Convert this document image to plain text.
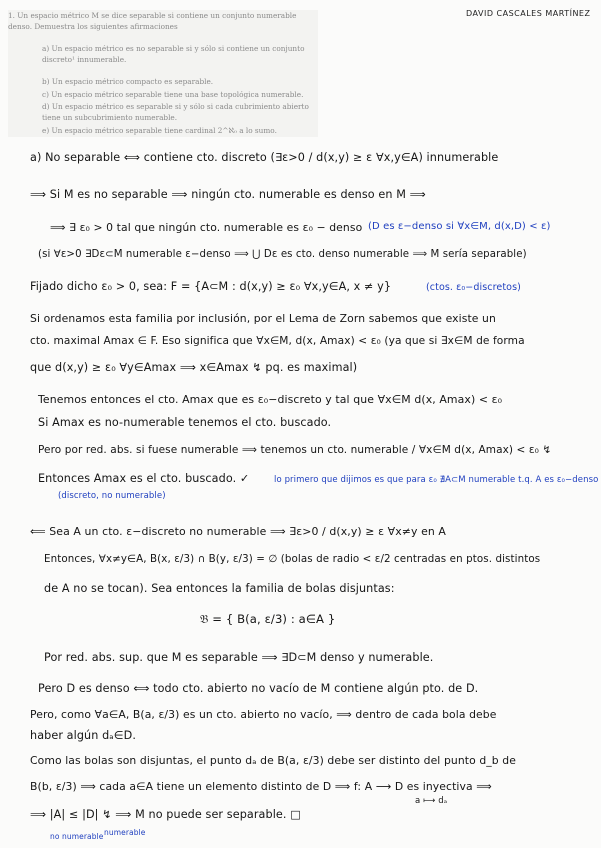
1. Un espacio métrico M se dice separable si contiene un conjunto numerable denso. Demuestra los siguientes afirmaciones
a) Un espacio métrico es no separable si y sólo si contiene un conjunto discreto¹ innumerable.
b) Un espacio métrico compacto es separable.
c) Un espacio métrico separable tiene una base topológica numerable.
d) Un espacio métrico es separable si y sólo si cada cubrimiento abierto tiene un subcubrimiento numerable.
e) Un espacio métrico separable tiene cardinal 2^ℵ₀ a lo sumo.
DAVID CASCALES MARTÍNEZ
a) No separable ⟺ contiene cto. discreto (∃ε>0 / d(x,y) ≥ ε ∀x,y∈A) innumerable
⟹ Si M es no separable ⟹ ningún cto. numerable es denso en M ⟹
⟹ ∃ ε₀ > 0 tal que ningún cto. numerable es ε₀ − denso (D es ε−denso si ∀x∈M, d(x,D) < ε)
(si ∀ε>0 ∃Dε⊂M numerable ε−denso ⟹ ⋃ Dε es cto. denso numerable ⟹ M sería separable)
Fijado dicho ε₀ > 0, sea: F = {A⊂M : d(x,y) ≥ ε₀ ∀x,y∈A, x ≠ y}	(ctos. ε₀−discretos)
Si ordenamos esta familia por inclusión, por el Lema de Zorn sabemos que existe un
cto. maximal Amax ∈ F. Eso significa que ∀x∈M, d(x, Amax) < ε₀ (ya que si ∃x∈M de forma
que d(x,y) ≥ ε₀ ∀y∈Amax ⟹ x∈Amax ↯ pq. es maximal)
Tenemos entonces el cto. Amax que es ε₀−discreto y tal que ∀x∈M d(x, Amax) < ε₀
Si Amax es no-numerable tenemos el cto. buscado.
Pero por red. abs. si fuese numerable ⟹ tenemos un cto. numerable / ∀x∈M d(x, Amax) < ε₀ ↯
Entonces Amax es el cto. buscado. ✓	lo primero que dijimos es que para ε₀ ∄A⊂M numerable t.q. A es ε₀−denso
(discreto, no numerable)
⟸ Sea A un cto. ε−discreto no numerable ⟹ ∃ε>0 / d(x,y) ≥ ε ∀x≠y en A
Entonces, ∀x≠y∈A, B(x, ε/3) ∩ B(y, ε/3) = ∅ (bolas de radio < ε/2 centradas en ptos. distintos
de A no se tocan). Sea entonces la familia de bolas disjuntas:
𝔅 = { B(a, ε/3) : a∈A }
Por red. abs. sup. que M es separable ⟹ ∃D⊂M denso y numerable.
Pero D es denso ⟺ todo cto. abierto no vacío de M contiene algún pto. de D.
Pero, como ∀a∈A, B(a, ε/3) es un cto. abierto no vacío, ⟹ dentro de cada bola debe
haber algún dₐ∈D.
Como las bolas son disjuntas, el punto dₐ de B(a, ε/3) debe ser distinto del punto d_b de
B(b, ε/3) ⟹ cada a∈A tiene un elemento distinto de D ⟹ f: A ⟶ D es inyectiva ⟹
a ⟼ dₐ
⟹ |A| ≤ |D| ↯ ⟹ M no puede ser separable. □
no numerable numerable
